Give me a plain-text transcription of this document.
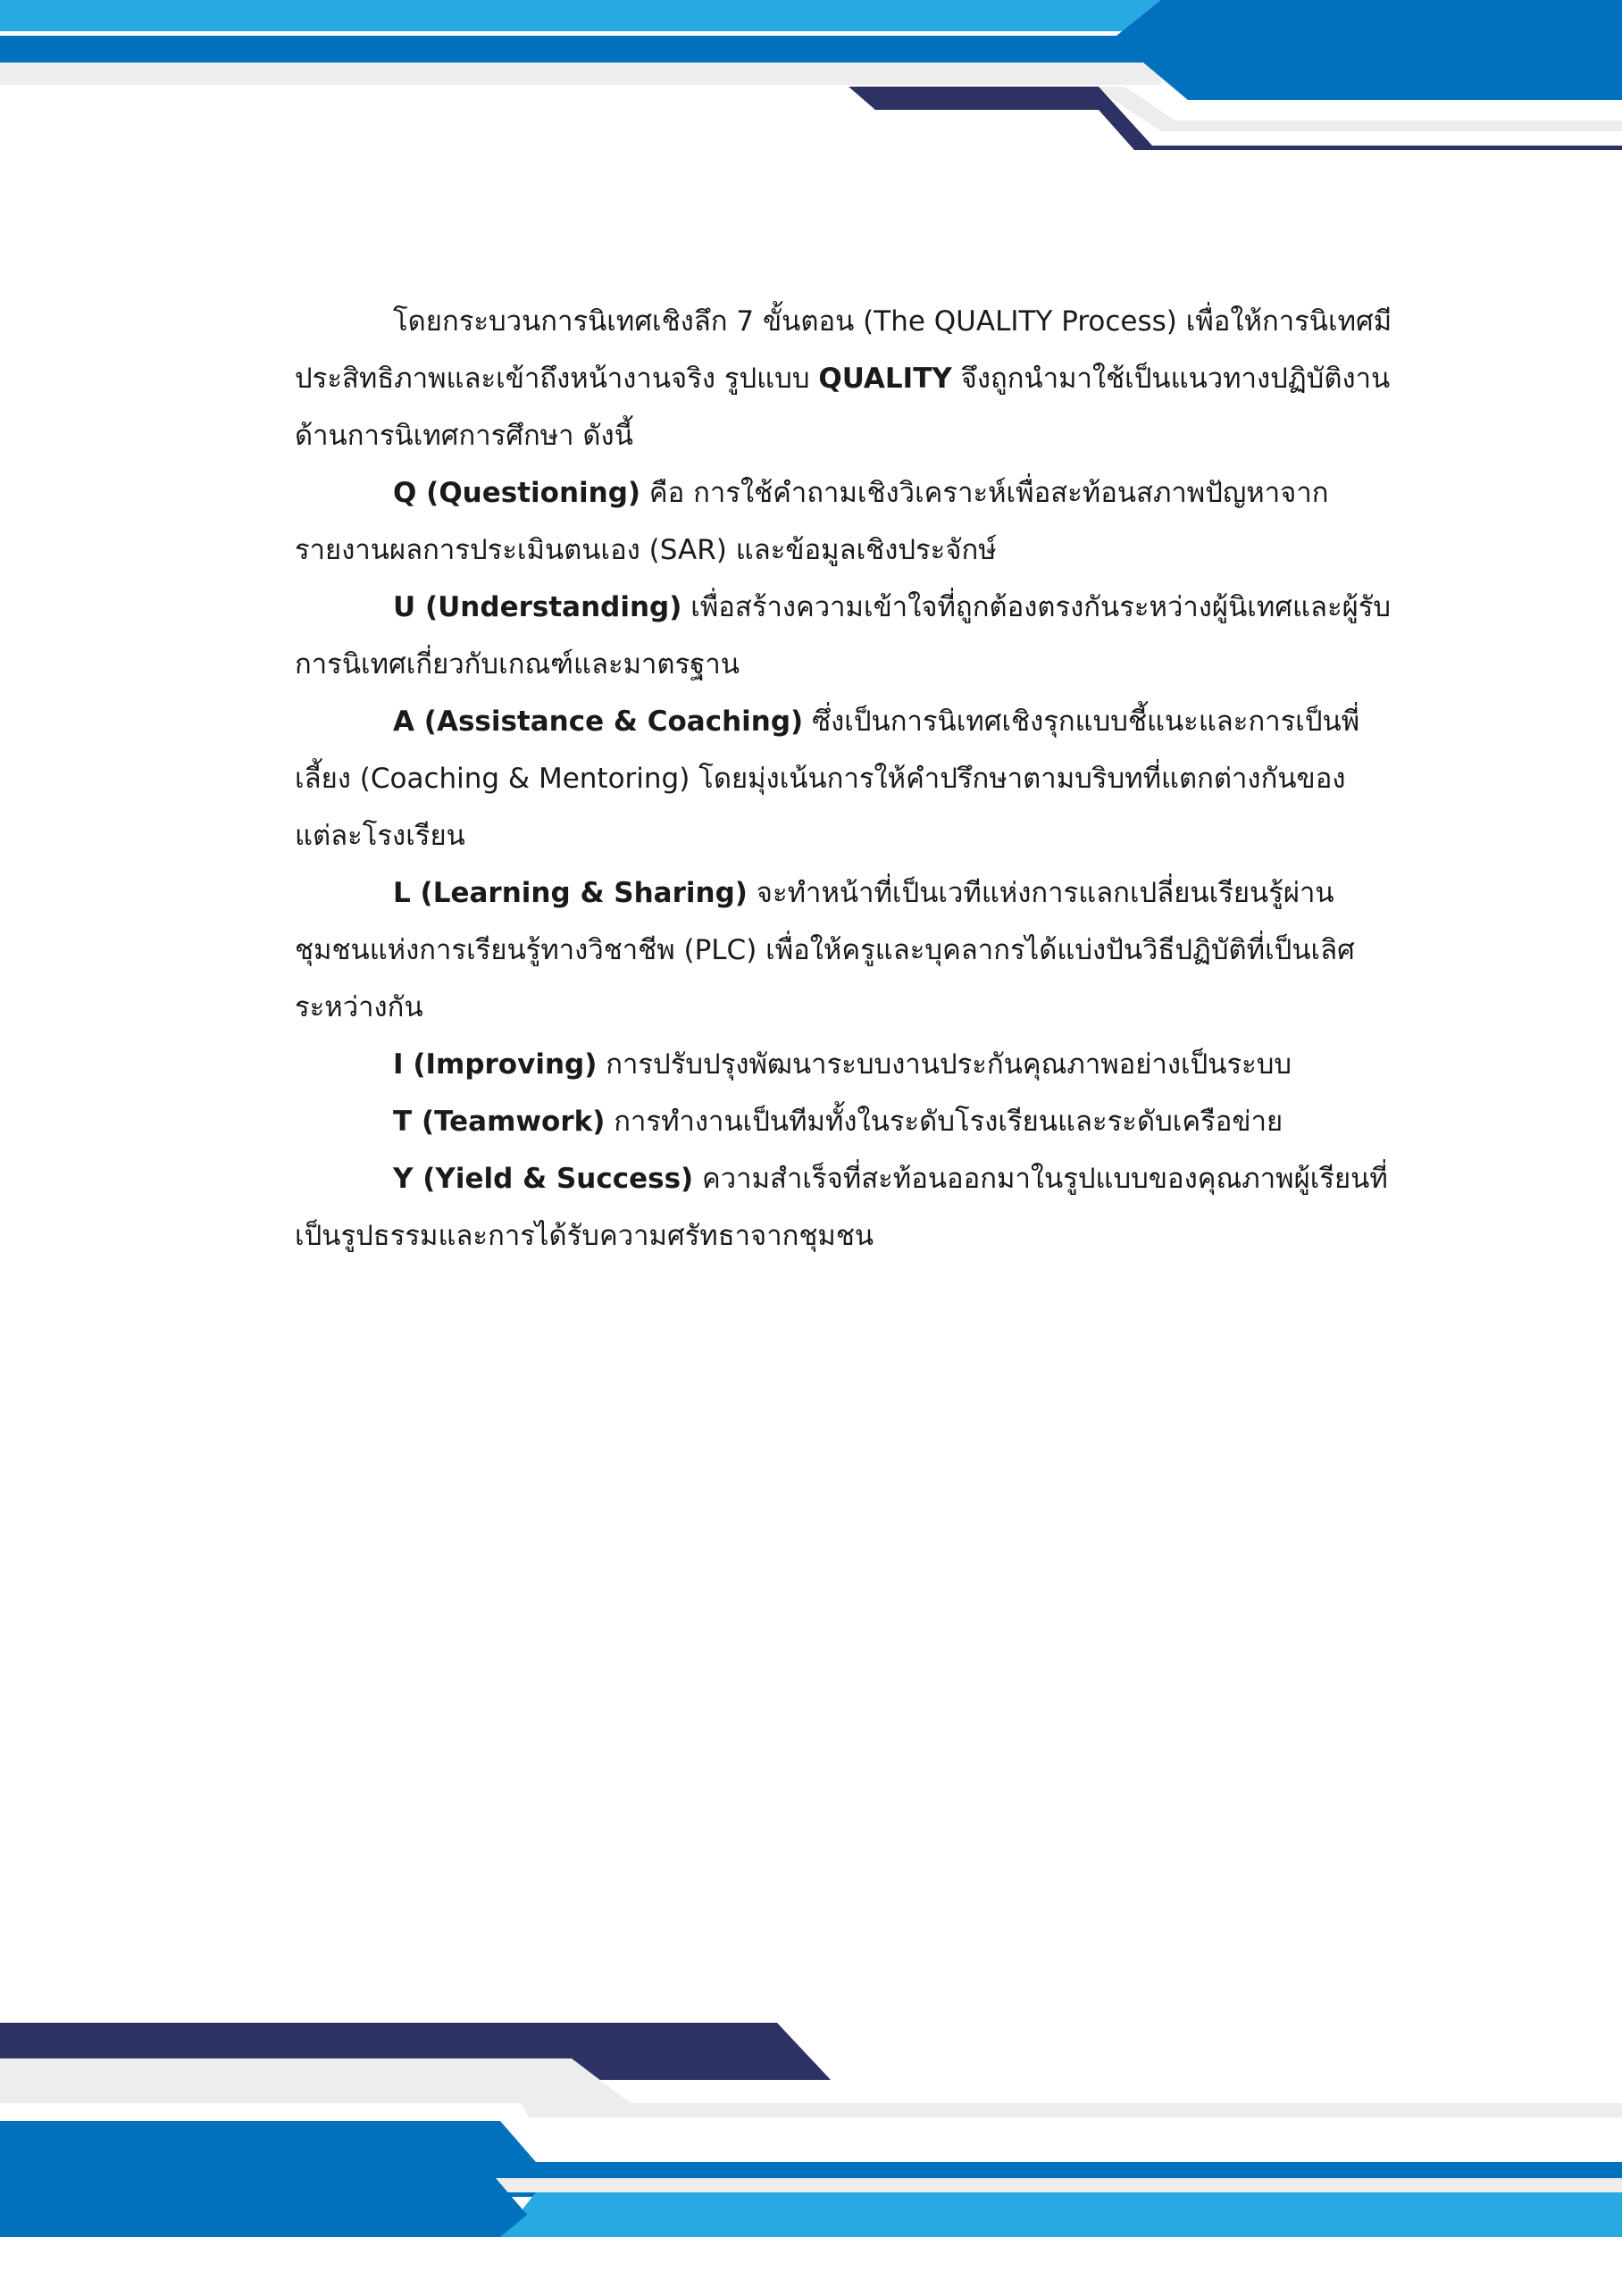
โดยกระบวนการนิเทศเชิงลึก 7 ขั้นตอน (The QUALITY Process) เพื่อให้การนิเทศมีประสิทธิภาพและเข้าถึงหน้างานจริง รูปแบบ QUALITY จึงถูกนำมาใช้เป็นแนวทางปฏิบัติงานด้านการนิเทศการศึกษา ดังนี้

Q (Questioning) คือ การใช้คำถามเชิงวิเคราะห์เพื่อสะท้อนสภาพปัญหาจากรายงานผลการประเมินตนเอง (SAR) และข้อมูลเชิงประจักษ์

U (Understanding) เพื่อสร้างความเข้าใจที่ถูกต้องตรงกันระหว่างผู้นิเทศและผู้รับการนิเทศเกี่ยวกับเกณฑ์และมาตรฐาน

A (Assistance & Coaching) ซึ่งเป็นการนิเทศเชิงรุกแบบชี้แนะและการเป็นพี่เลี้ยง (Coaching & Mentoring) โดยมุ่งเน้นการให้คำปรึกษาตามบริบทที่แตกต่างกันของแต่ละโรงเรียน

L (Learning & Sharing) จะทำหน้าที่เป็นเวทีแห่งการแลกเปลี่ยนเรียนรู้ผ่านชุมชนแห่งการเรียนรู้ทางวิชาชีพ (PLC) เพื่อให้ครูและบุคลากรได้แบ่งปันวิธีปฏิบัติที่เป็นเลิศระหว่างกัน

I (Improving) การปรับปรุงพัฒนาระบบงานประกันคุณภาพอย่างเป็นระบบ

T (Teamwork) การทำงานเป็นทีมทั้งในระดับโรงเรียนและระดับเครือข่าย

Y (Yield & Success) ความสำเร็จที่สะท้อนออกมาในรูปแบบของคุณภาพผู้เรียนที่เป็นรูปธรรมและการได้รับความศรัทธาจากชุมชน
